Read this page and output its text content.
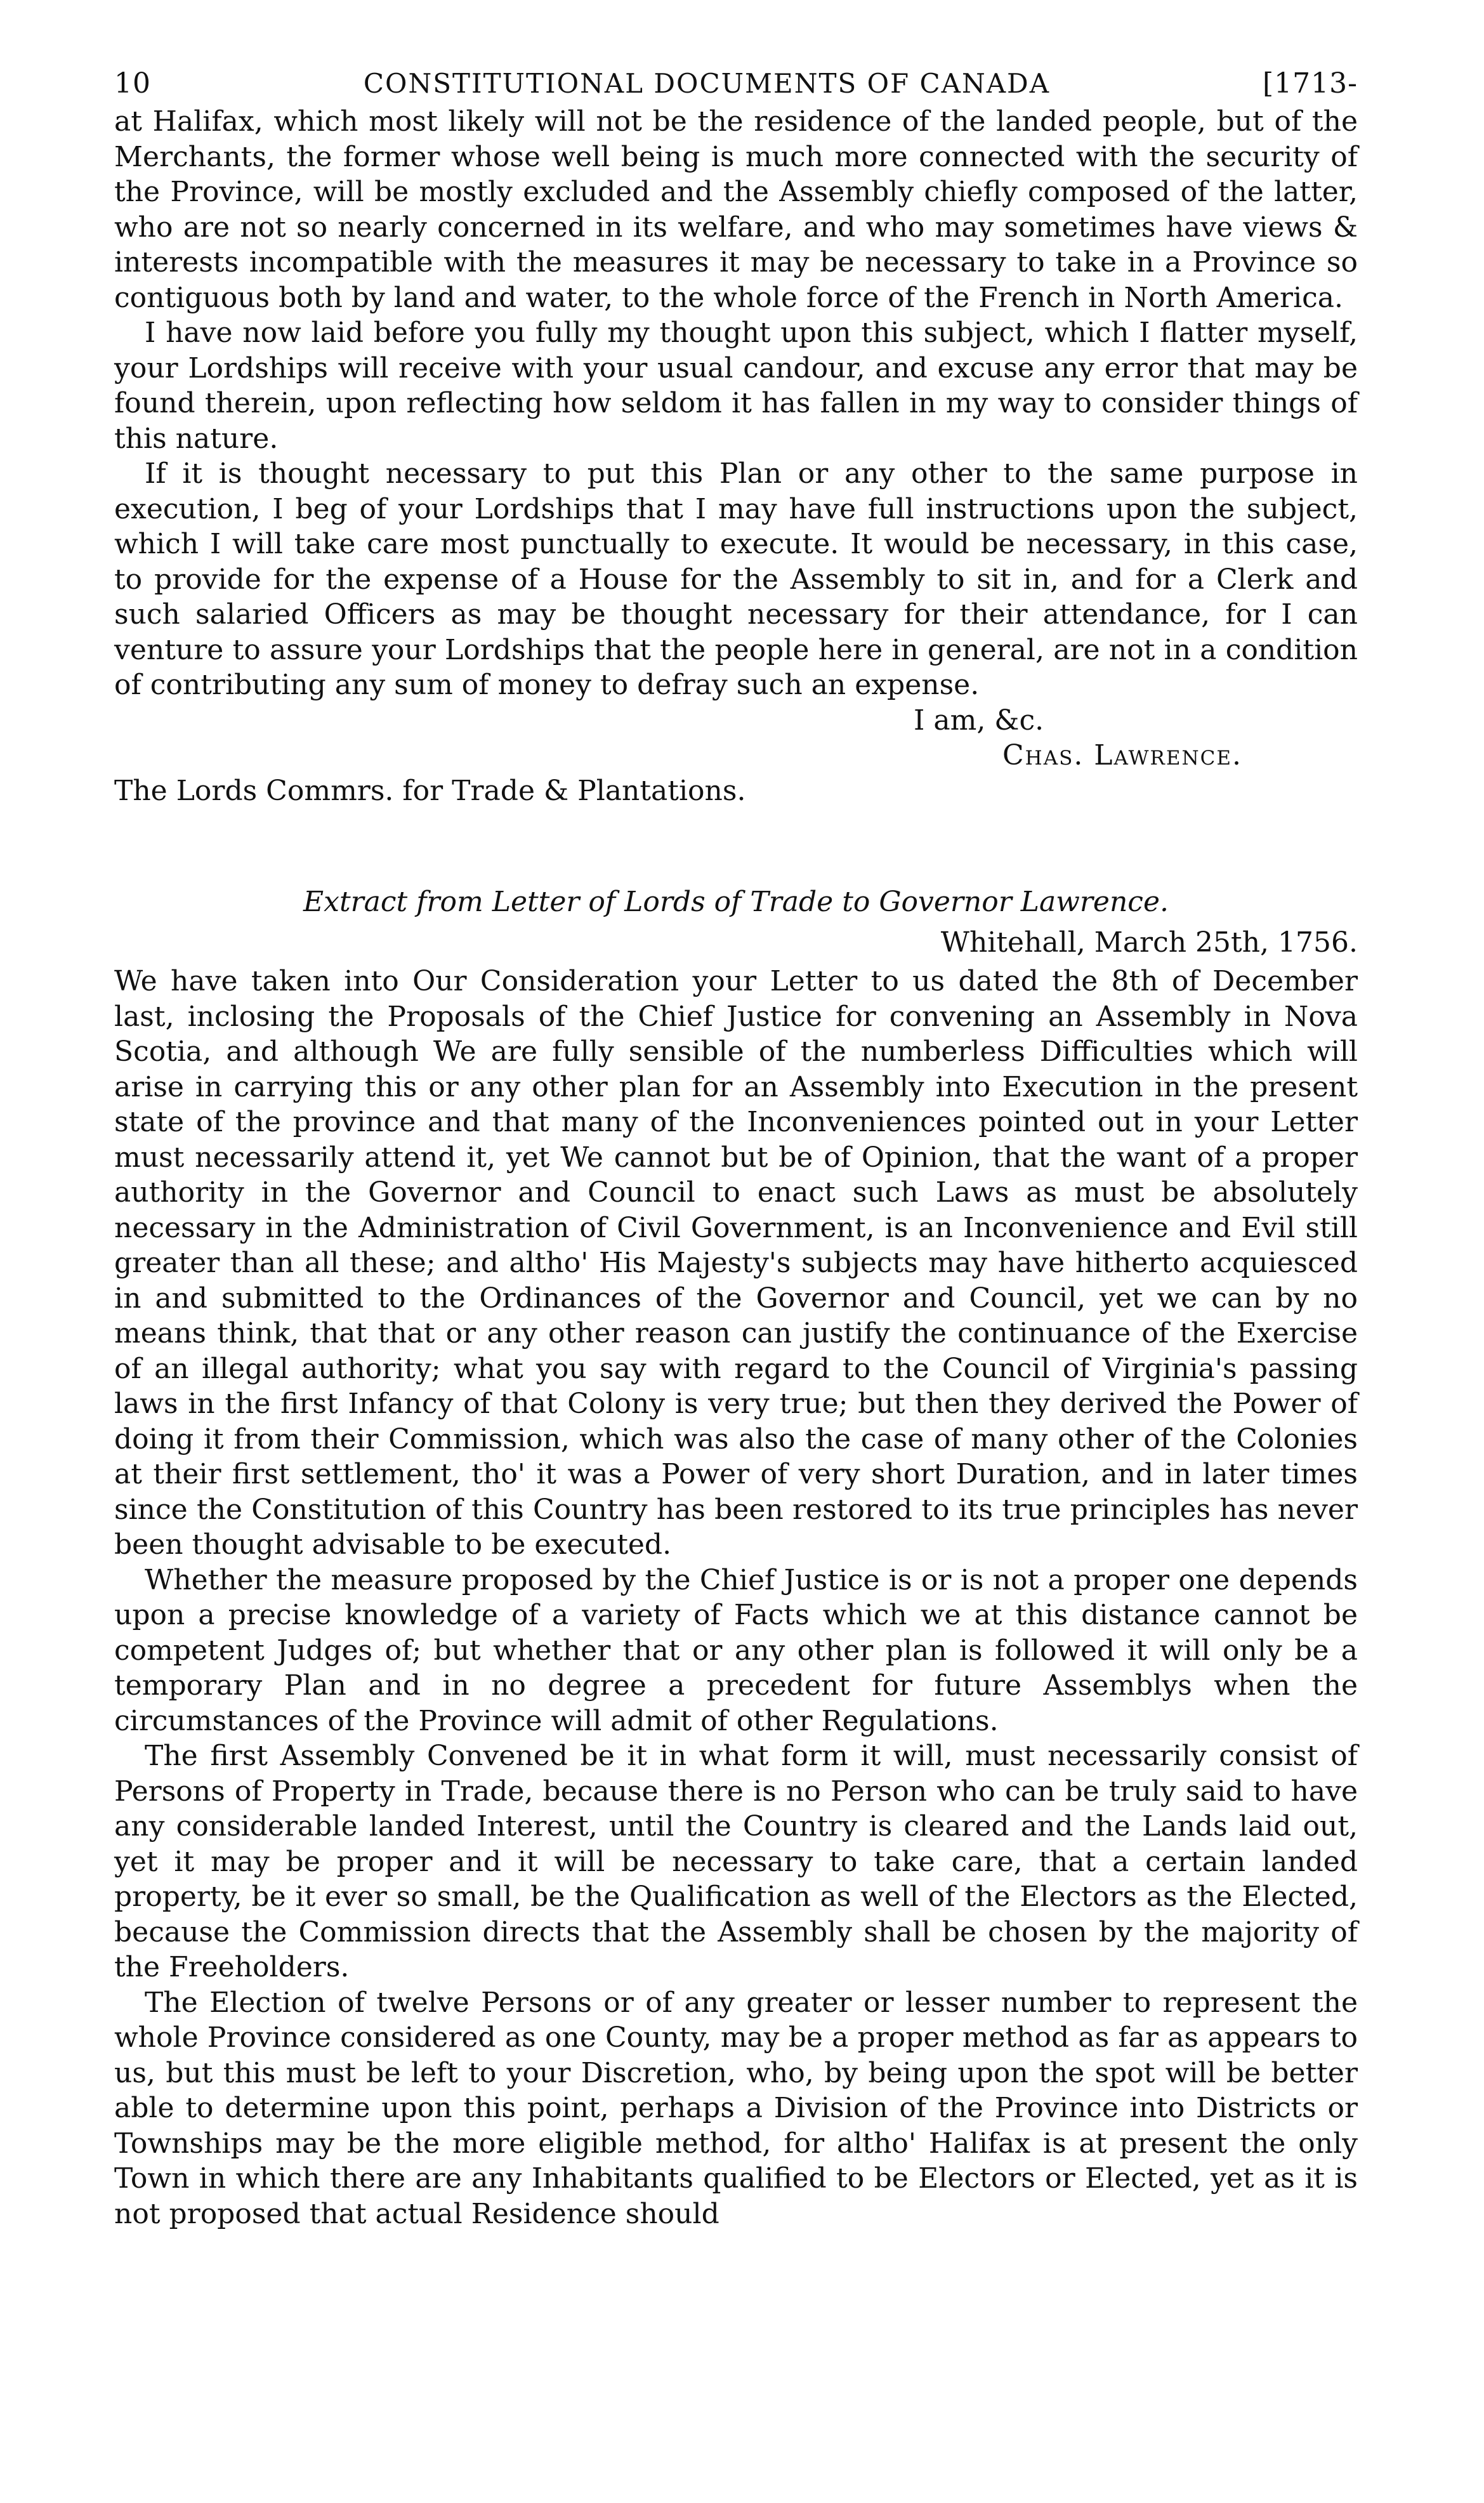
10	CONSTITUTIONAL DOCUMENTS OF CANADA	[1713-

at Halifax, which most likely will not be the residence of the landed people, but of the Merchants, the former whose well being is much more connected with the security of the Province, will be mostly excluded and the Assembly chiefly composed of the latter, who are not so nearly concerned in its welfare, and who may sometimes have views & interests incompatible with the measures it may be necessary to take in a Province so contiguous both by land and water, to the whole force of the French in North America.

I have now laid before you fully my thought upon this subject, which I flatter myself, your Lordships will receive with your usual candour, and excuse any error that may be found therein, upon reflecting how seldom it has fallen in my way to consider things of this nature.

If it is thought necessary to put this Plan or any other to the same purpose in execution, I beg of your Lordships that I may have full instructions upon the subject, which I will take care most punctually to execute. It would be necessary, in this case, to provide for the expense of a House for the Assembly to sit in, and for a Clerk and such salaried Officers as may be thought necessary for their attendance, for I can venture to assure your Lordships that the people here in general, are not in a condition of contributing any sum of money to defray such an expense.

I am, &c.
Chas. Lawrence.

The Lords Commrs. for Trade & Plantations.

Extract from Letter of Lords of Trade to Governor Lawrence.

Whitehall, March 25th, 1756.

We have taken into Our Consideration your Letter to us dated the 8th of December last, inclosing the Proposals of the Chief Justice for convening an Assembly in Nova Scotia, and although We are fully sensible of the numberless Difficulties which will arise in carrying this or any other plan for an Assembly into Execution in the present state of the province and that many of the Inconveniences pointed out in your Letter must necessarily attend it, yet We cannot but be of Opinion, that the want of a proper authority in the Governor and Council to enact such Laws as must be absolutely necessary in the Administration of Civil Government, is an Inconvenience and Evil still greater than all these; and altho' His Majesty's subjects may have hitherto acquiesced in and submitted to the Ordinances of the Governor and Council, yet we can by no means think, that that or any other reason can justify the continuance of the Exercise of an illegal authority; what you say with regard to the Council of Virginia's passing laws in the first Infancy of that Colony is very true; but then they derived the Power of doing it from their Commission, which was also the case of many other of the Colonies at their first settlement, tho' it was a Power of very short Duration, and in later times since the Constitution of this Country has been restored to its true principles has never been thought advisable to be executed.

Whether the measure proposed by the Chief Justice is or is not a proper one depends upon a precise knowledge of a variety of Facts which we at this distance cannot be competent Judges of; but whether that or any other plan is followed it will only be a temporary Plan and in no degree a precedent for future Assemblys when the circumstances of the Province will admit of other Regulations.

The first Assembly Convened be it in what form it will, must necessarily consist of Persons of Property in Trade, because there is no Person who can be truly said to have any considerable landed Interest, until the Country is cleared and the Lands laid out, yet it may be proper and it will be necessary to take care, that a certain landed property, be it ever so small, be the Qualification as well of the Electors as the Elected, because the Commission directs that the Assembly shall be chosen by the majority of the Freeholders.

The Election of twelve Persons or of any greater or lesser number to represent the whole Province considered as one County, may be a proper method as far as appears to us, but this must be left to your Discretion, who, by being upon the spot will be better able to determine upon this point, perhaps a Division of the Province into Districts or Townships may be the more eligible method, for altho' Halifax is at present the only Town in which there are any Inhabitants qualified to be Electors or Elected, yet as it is not proposed that actual Residence should
